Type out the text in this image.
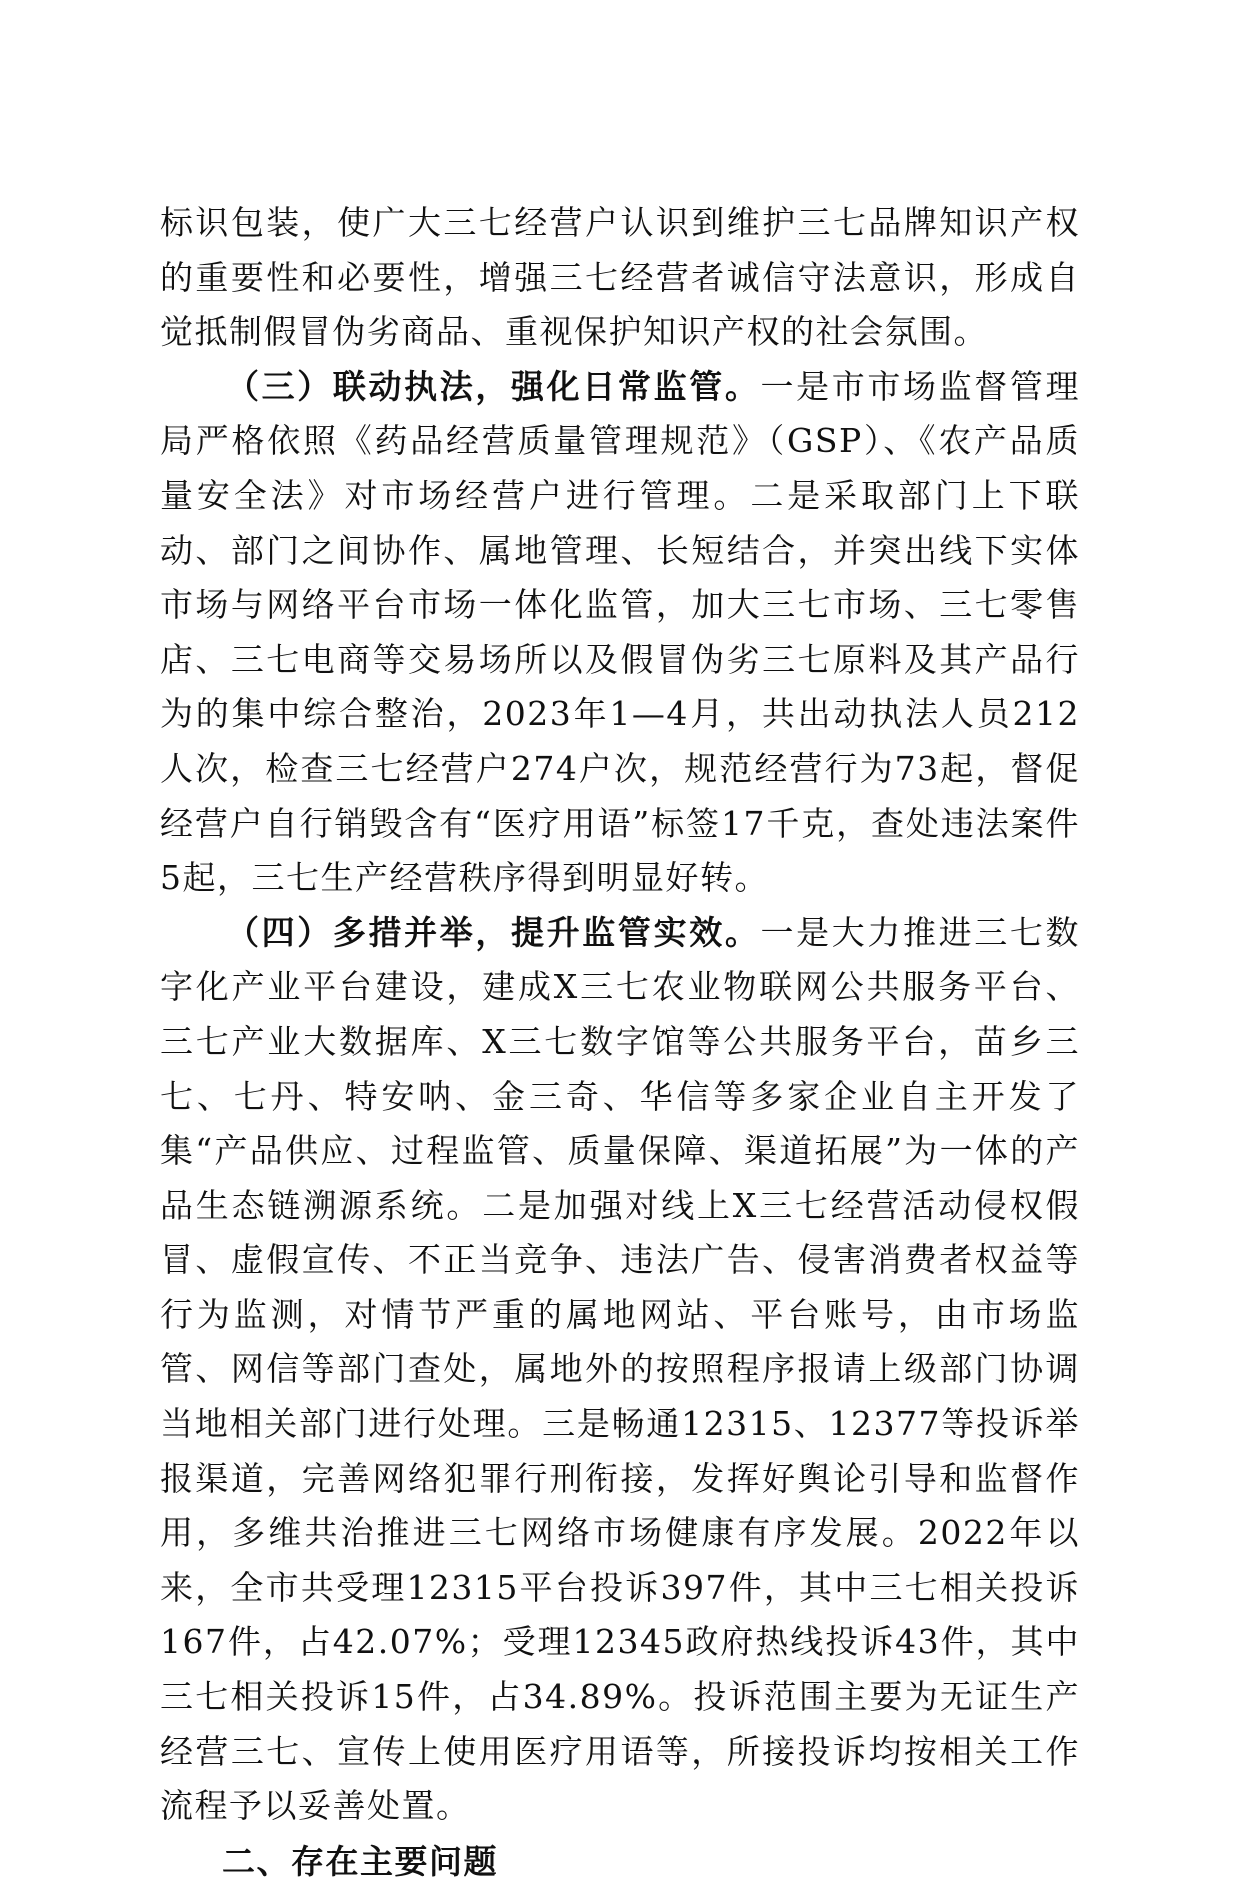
标识包装，使广大三七经营户认识到维护三七品牌知识产权的重要性和必要性，增强三七经营者诚信守法意识，形成自觉抵制假冒伪劣商品、重视保护知识产权的社会氛围。

（三）联动执法，强化日常监管。一是市市场监督管理局严格依照《药品经营质量管理规范》（GSP）、《农产品质量安全法》对市场经营户进行管理。二是采取部门上下联动、部门之间协作、属地管理、长短结合，并突出线下实体市场与网络平台市场一体化监管，加大三七市场、三七零售店、三七电商等交易场所以及假冒伪劣三七原料及其产品行为的集中综合整治，2023年1—4月，共出动执法人员212人次，检查三七经营户274户次，规范经营行为73起，督促经营户自行销毁含有“医疗用语”标签17千克，查处违法案件5起，三七生产经营秩序得到明显好转。

（四）多措并举，提升监管实效。一是大力推进三七数字化产业平台建设，建成X三七农业物联网公共服务平台、三七产业大数据库、X三七数字馆等公共服务平台，苗乡三七、七丹、特安呐、金三奇、华信等多家企业自主开发了集“产品供应、过程监管、质量保障、渠道拓展”为一体的产品生态链溯源系统。二是加强对线上X三七经营活动侵权假冒、虚假宣传、不正当竞争、违法广告、侵害消费者权益等行为监测，对情节严重的属地网站、平台账号，由市场监管、网信等部门查处，属地外的按照程序报请上级部门协调当地相关部门进行处理。三是畅通12315、12377等投诉举报渠道，完善网络犯罪行刑衔接，发挥好舆论引导和监督作用，多维共治推进三七网络市场健康有序发展。2022年以来，全市共受理12315平台投诉397件，其中三七相关投诉167件，占42.07%；受理12345政府热线投诉43件，其中三七相关投诉15件，占34.89%。投诉范围主要为无证生产经营三七、宣传上使用医疗用语等，所接投诉均按相关工作流程予以妥善处置。

二、存在主要问题
